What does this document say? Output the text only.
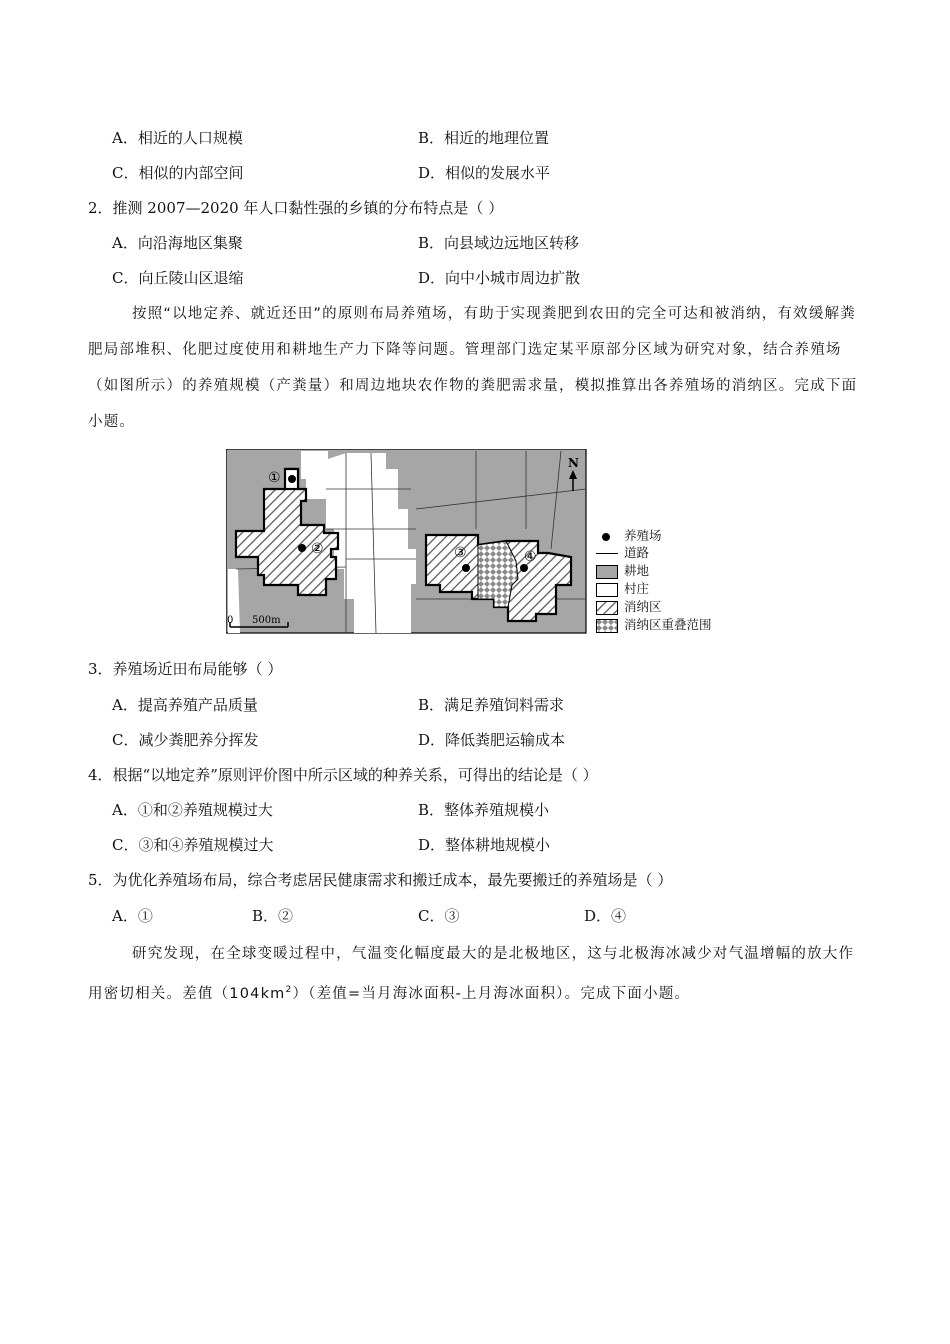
A．相近的人口规模	B．相近的地理位置
C．相似的内部空间	D．相似的发展水平
2．推测 2007—2020 年人口黏性强的乡镇的分布特点是（ ）
A．向沿海地区集聚	B．向县域边远地区转移
C．向丘陵山区退缩	D．向中小城市周边扩散
按照“以地定养、就近还田”的原则布局养殖场，有助于实现粪肥到农田的完全可达和被消纳，有效缓解粪肥局部堆积、化肥过度使用和耕地生产力下降等问题。管理部门选定某平原部分区域为研究对象，结合养殖场（如图所示）的养殖规模（产粪量）和周边地块农作物的粪肥需求量，模拟推算出各养殖场的消纳区。完成下面小题。
①
②	③	④
N
0 500m
养殖场
道路
耕地
村庄
消纳区
消纳区重叠范围
3．养殖场近田布局能够（ ）
A．提高养殖产品质量	B．满足养殖饲料需求
C．减少粪肥养分挥发	D．降低粪肥运输成本
4．根据“以地定养”原则评价图中所示区域的种养关系，可得出的结论是（ ）
A．①和②养殖规模过大	B．整体养殖规模小
C．③和④养殖规模过大	D．整体耕地规模小
5．为优化养殖场布局，综合考虑居民健康需求和搬迁成本，最先要搬迁的养殖场是（ ）
A．①	B．②	C．③	D．④
研究发现，在全球变暖过程中，气温变化幅度最大的是北极地区，这与北极海冰减少对气温增幅的放大作用密切相关。差值$(104km^2)$（差值=当月海冰面积-上月海冰面积）。完成下面小题。
